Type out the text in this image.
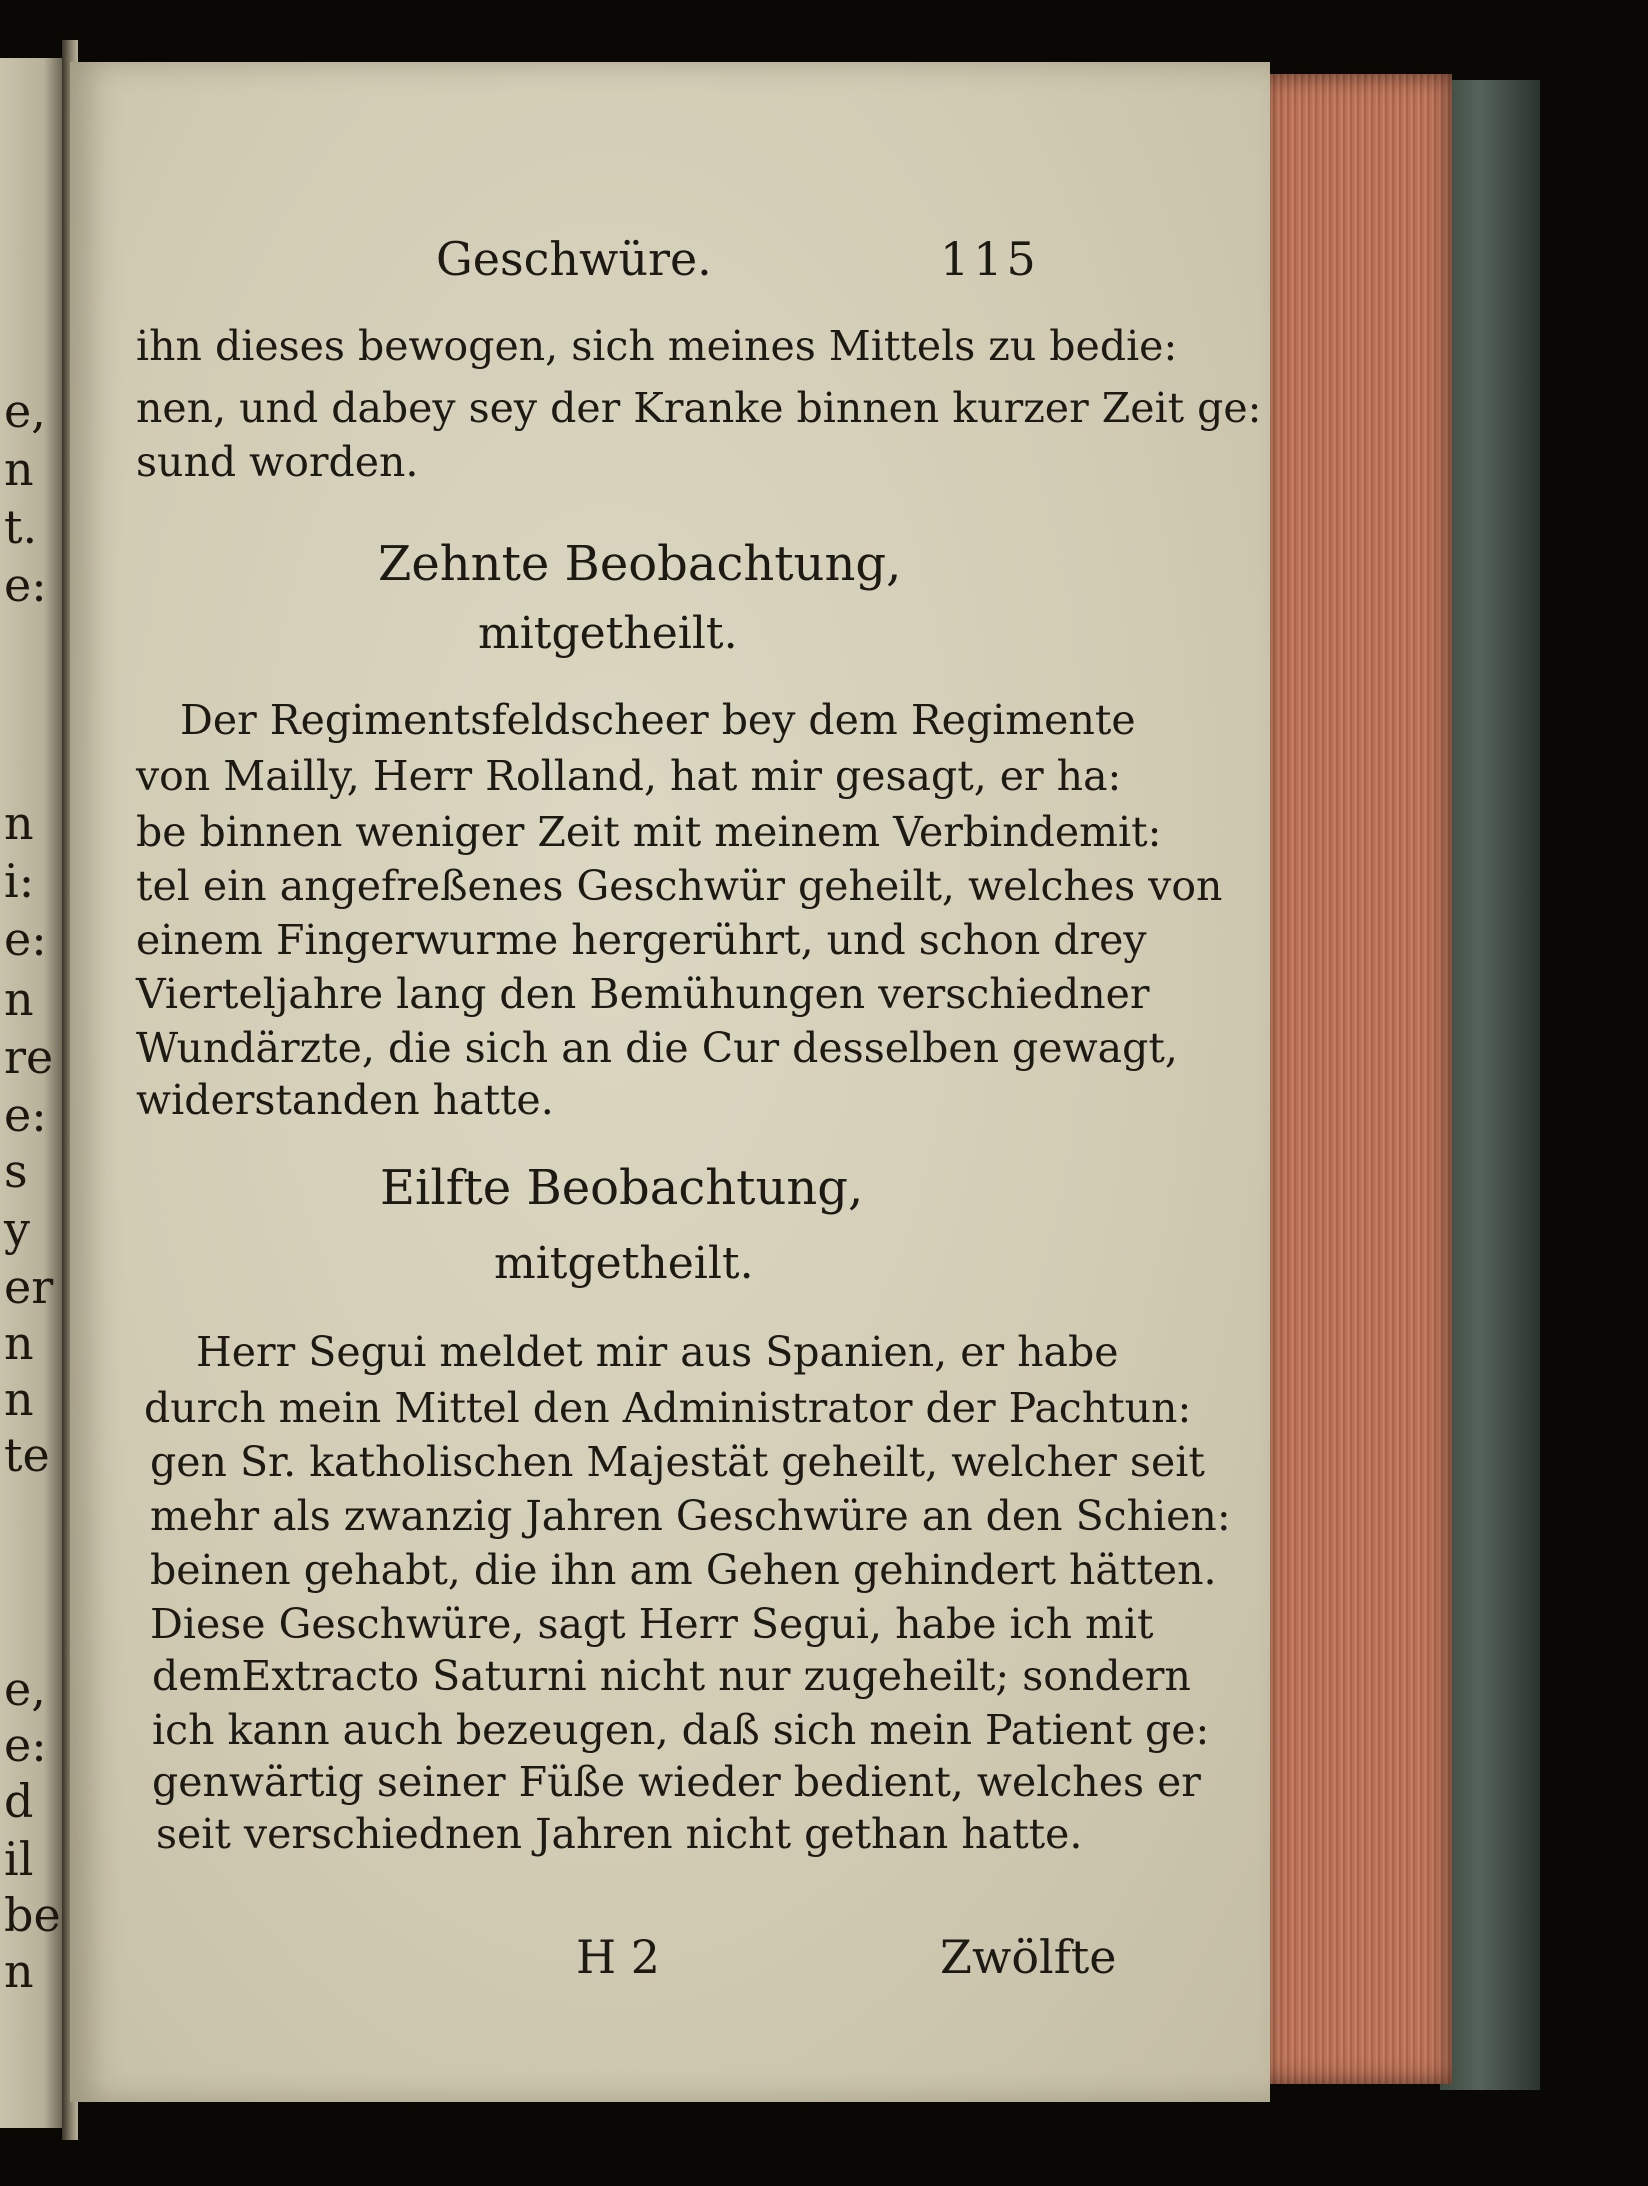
e,
n
t.
e:
n
i:
e:
n
re
e:
s
y
er
n
n
te
e,
e:
d
il
be
n
Geschwüre.	115
ihn dieses bewogen, sich meines Mittels zu bedie:
nen, und dabey sey der Kranke binnen kurzer Zeit ge:
sund worden.
Zehnte Beobachtung,
mitgetheilt.
Der Regimentsfeldscheer bey dem Regimente
von Mailly, Herr Rolland, hat mir gesagt, er ha:
be binnen weniger Zeit mit meinem Verbindemit:
tel ein angefreßenes Geschwür geheilt, welches von
einem Fingerwurme hergerührt, und schon drey
Vierteljahre lang den Bemühungen verschiedner
Wundärzte, die sich an die Cur desselben gewagt,
widerstanden hatte.
Eilfte Beobachtung,
mitgetheilt.
Herr Segui meldet mir aus Spanien, er habe
durch mein Mittel den Administrator der Pachtun:
gen Sr. katholischen Majestät geheilt, welcher seit
mehr als zwanzig Jahren Geschwüre an den Schien:
beinen gehabt, die ihn am Gehen gehindert hätten.
Diese Geschwüre, sagt Herr Segui, habe ich mit
demExtracto Saturni nicht nur zugeheilt; sondern
ich kann auch bezeugen, daß sich mein Patient ge:
genwärtig seiner Füße wieder bedient, welches er
seit verschiednen Jahren nicht gethan hatte.
H 2	Zwölfte
